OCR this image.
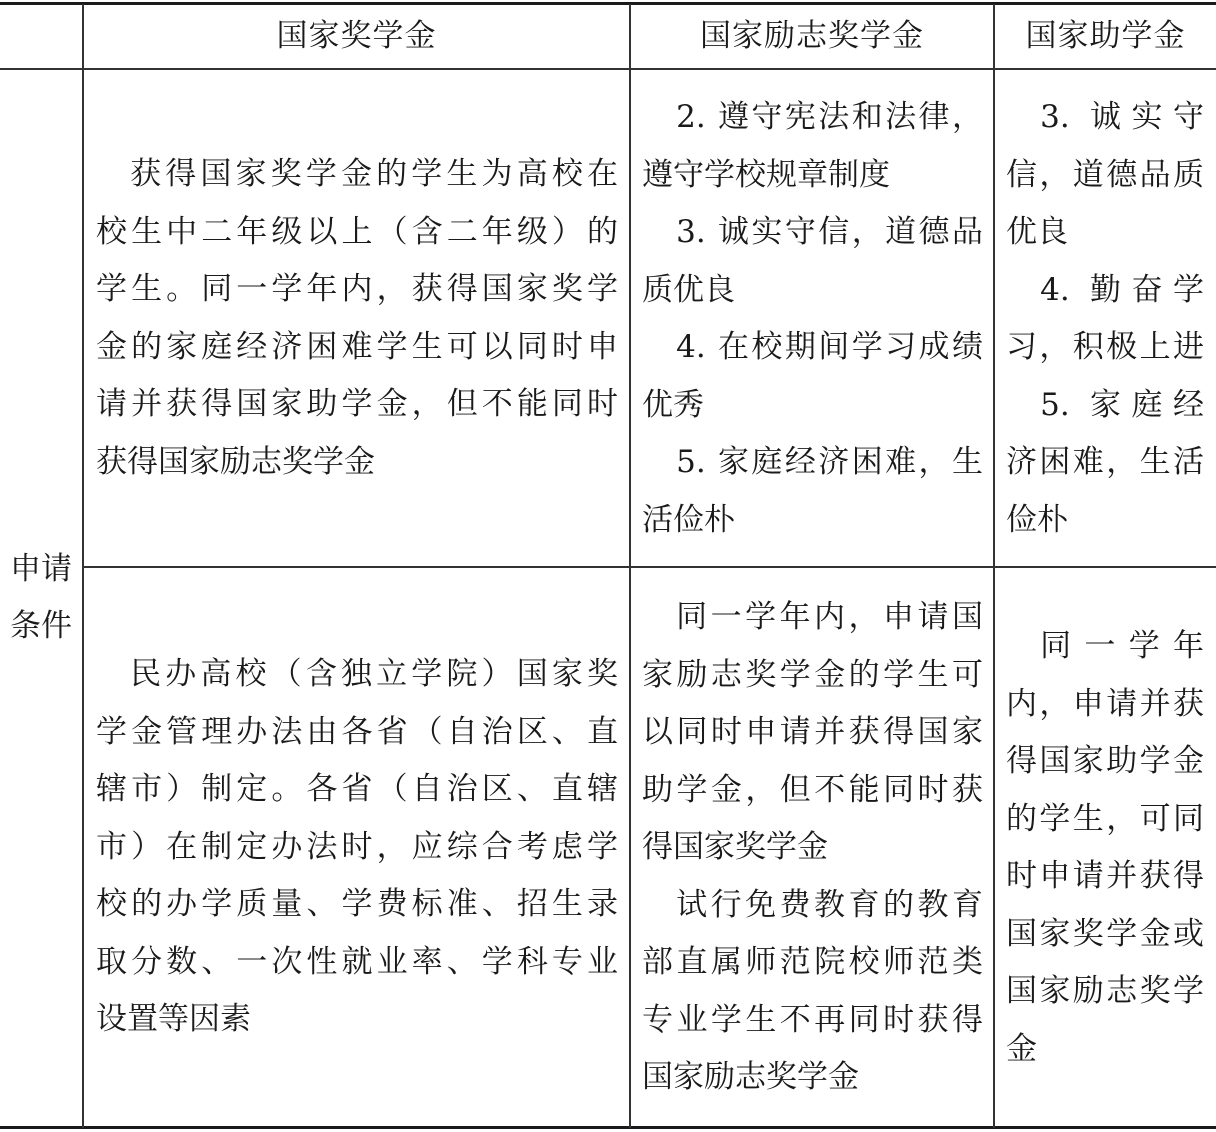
国家奖学金	国家励志奖学金	国家助学金
申请
条件

获得国家奖学金的学生为高校在

校生中二年级以上（含二年级）的

学生。同一学年内，获得国家奖学

金的家庭经济困难学生可以同时申

请并获得国家助学金，但不能同时

获得国家励志奖学金

2. 遵守宪法和法律，

遵守学校规章制度

3. 诚实守信，道德品

质优良

4. 在校期间学习成绩

优秀

5. 家庭经济困难，生

活俭朴

3. 诚实守

信，道德品质

优良

4. 勤奋学

习，积极上进

5. 家庭经

济困难，生活

俭朴

民办高校（含独立学院）国家奖

学金管理办法由各省（自治区、直

辖市）制定。各省（自治区、直辖

市）在制定办法时，应综合考虑学

校的办学质量、学费标准、招生录

取分数、一次性就业率、学科专业

设置等因素

同一学年内，申请国

家励志奖学金的学生可

以同时申请并获得国家

助学金，但不能同时获

得国家奖学金

试行免费教育的教育

部直属师范院校师范类

专业学生不再同时获得

国家励志奖学金

同一学年

内，申请并获

得国家助学金

的学生，可同

时申请并获得

国家奖学金或

国家励志奖学

金
